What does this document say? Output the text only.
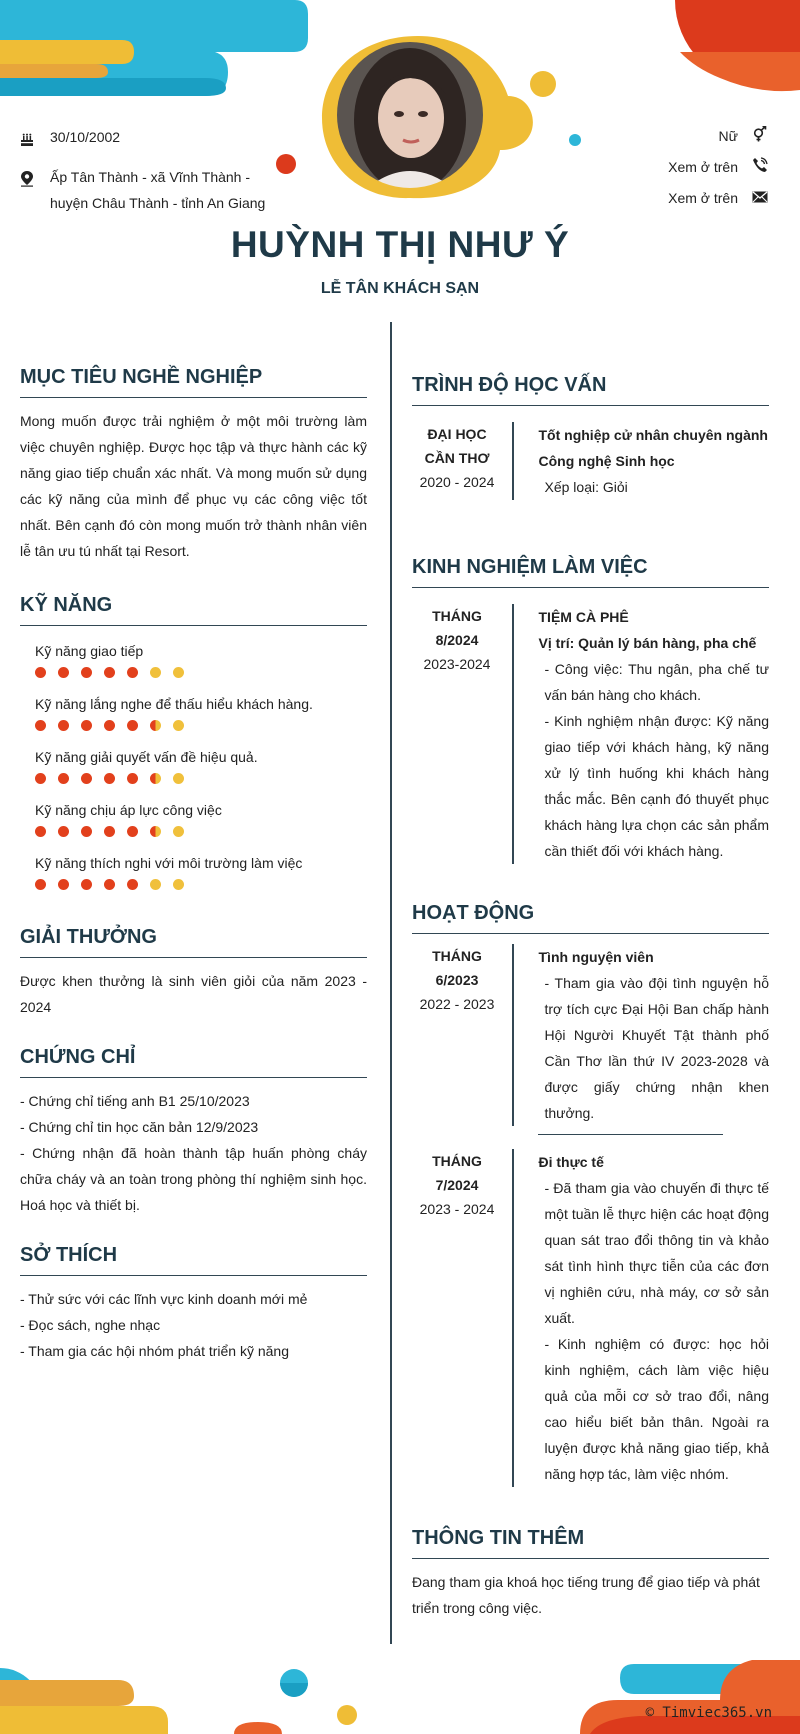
30/10/2002
Ấp Tân Thành - xã Vĩnh Thành -
huyện Châu Thành - tỉnh An Giang
Nữ
Xem ở trên
Xem ở trên
HUỲNH THỊ NHƯ Ý
LỄ TÂN KHÁCH SẠN
MỤC TIÊU NGHỀ NGHIỆP
Mong muốn được trải nghiệm ở một môi trường làm việc chuyên nghiệp. Được học tập và thực hành các kỹ năng giao tiếp chuẩn xác nhất. Và mong muốn sử dụng các kỹ năng của mình để phục vụ các công việc tốt nhất. Bên cạnh đó còn mong muốn trở thành nhân viên lễ tân ưu tú nhất tại Resort.
KỸ NĂNG
Kỹ năng giao tiếp
Kỹ năng lắng nghe để thấu hiểu khách hàng.
Kỹ năng giải quyết vấn đề hiệu quả.
Kỹ năng chịu áp lực công việc
Kỹ năng thích nghi với môi trường làm việc
GIẢI THƯỞNG
Được khen thưởng là sinh viên giỏi của năm 2023 - 2024
CHỨNG CHỈ
- Chứng chỉ tiếng anh B1 25/10/2023
- Chứng chỉ tin học căn bản 12/9/2023
- Chứng nhận đã hoàn thành tập huấn phòng cháy chữa cháy và an toàn trong phòng thí nghiệm sinh học. Hoá học và thiết bị.
SỞ THÍCH
- Thử sức với các lĩnh vực kinh doanh mới mẻ
- Đọc sách, nghe nhạc
- Tham gia các hội nhóm phát triển kỹ năng
TRÌNH ĐỘ HỌC VẤN
ĐẠI HỌC
CẦN THƠ
2020 - 2024
Tốt nghiệp cử nhân chuyên ngành
Công nghệ Sinh học
Xếp loại: Giỏi
KINH NGHIỆM LÀM VIỆC
THÁNG
8/2024
2023-2024
TIỆM CÀ PHÊ
Vị trí: Quản lý bán hàng, pha chế
- Công việc: Thu ngân, pha chế tư vấn bán hàng cho khách.
- Kinh nghiệm nhận được: Kỹ năng giao tiếp với khách hàng, kỹ năng xử lý tình huống khi khách hàng thắc mắc. Bên cạnh đó thuyết phục khách hàng lựa chọn các sản phẩm cần thiết đối với khách hàng.
HOẠT ĐỘNG
THÁNG
6/2023
2022 - 2023
Tình nguyện viên
- Tham gia vào đội tình nguyện hỗ trợ tích cực Đại Hội Ban chấp hành Hội Người Khuyết Tật thành phố Cần Thơ lần thứ IV 2023-2028 và được giấy chứng nhận khen thưởng.
THÁNG
7/2024
2023 - 2024
Đi thực tế
- Đã tham gia vào chuyến đi thực tế một tuần lễ thực hiện các hoạt động quan sát trao đổi thông tin và khảo sát tình hình thực tiễn của các đơn vị nghiên cứu, nhà máy, cơ sở sản xuất.
- Kinh nghiệm có được: học hỏi kinh nghiệm, cách làm việc hiệu quả của mỗi cơ sở trao đổi, nâng cao hiểu biết bản thân. Ngoài ra luyện được khả năng giao tiếp, khả năng hợp tác, làm việc nhóm.
THÔNG TIN THÊM
Đang tham gia khoá học tiếng trung để giao tiếp và phát triển trong công việc.
© Timviec365.vn
